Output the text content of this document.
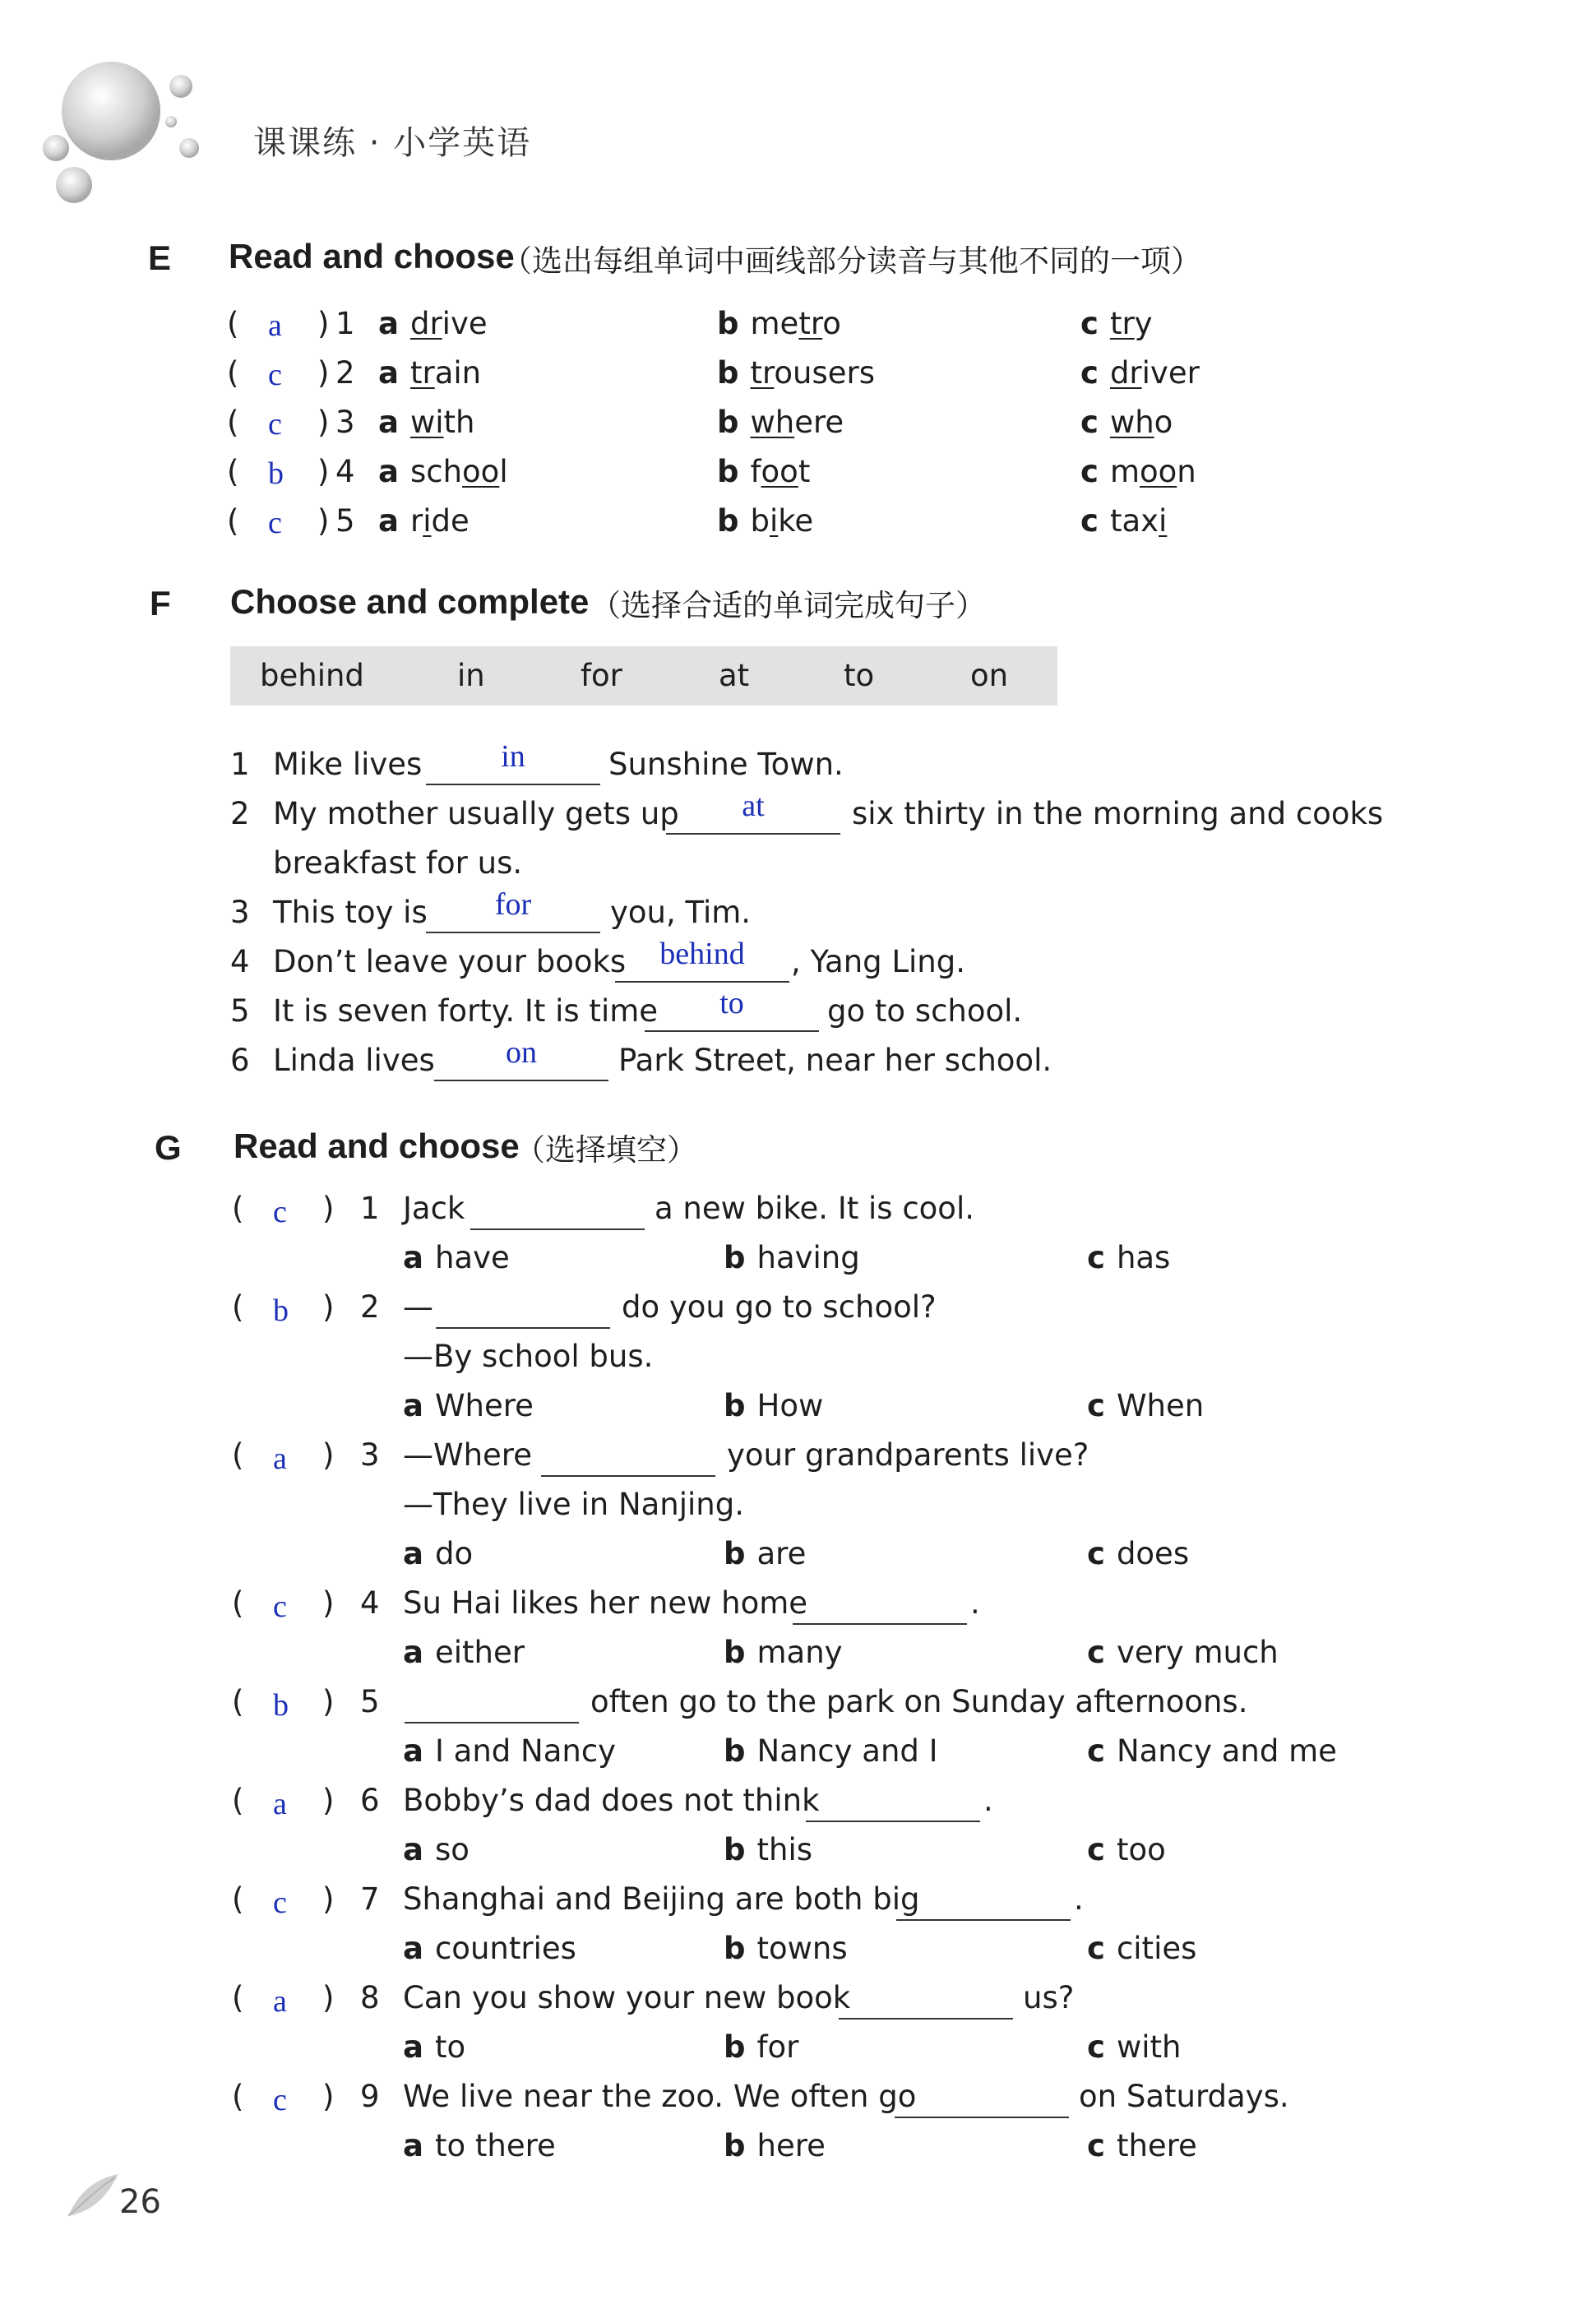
课课练 · 小学英语
E Read and choose
（选出每组单词中画线部分读音与其他不同的一项）
( a ) 1 a drive	b metro	c try
( c ) 2 a train	b trousers	c driver
( c ) 3 a with	b where	c who
( b ) 4 a school	b foot	c moon
( c ) 5 a ride	b bike	c taxi
F Choose and complete （选择合适的单词完成句子）
behind	in	for	at	to	on
1 Mike lives	in	Sunshine Town.
2 My mother usually gets up	at	six thirty in the morning and cooks
breakfast for us.
3 This toy is	for	you, Tim.
4 Don’t leave your books	behind	, Yang Ling.
5 It is seven forty. It is time	to	go to school.
6 Linda lives	on	Park Street, near her school.
G Read and choose
（选择填空）
( c ) 1 Jack	a new bike. It is cool.
a have	b having	c has
( b ) 2 —	do you go to school?
—By school bus.
a Where	b How	c When
( a ) 3 —Where	your grandparents live?
—They live in Nanjing.
a do	b are	c does
( c ) 4 Su Hai likes her new home	.
a either	b many	c very much
( b ) 5	often go to the park on Sunday afternoons.
a I and Nancy	b Nancy and I	c Nancy and me
( a ) 6 Bobby’s dad does not think	.
a so	b this	c too
( c ) 7 Shanghai and Beijing are both big	.
a countries	b towns	c cities
( a ) 8 Can you show your new book	us?
a to	b for	c with
( c ) 9 We live near the zoo. We often go	on Saturdays.
a to there	b here	c there
26
